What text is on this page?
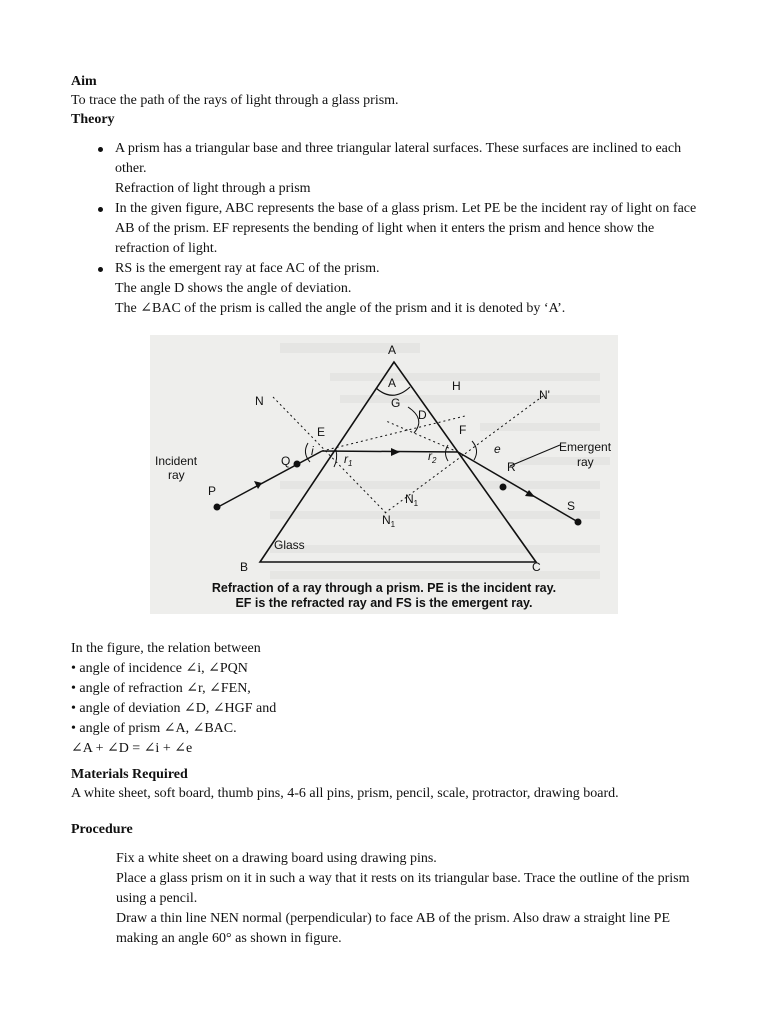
Aim

To trace the path of the rays of light through a glass prism.

Theory
A prism has a triangular base and three triangular lateral surfaces. These surfaces are inclined to each other.
Refraction of light through a prism
In the given figure, ABC represents the base of a glass prism. Let PE be the incident ray of light on face AB of the prism. EF represents the bending of light when it enters the prism and hence show the refraction of light.
RS is the emergent ray at face AC of the prism.
The angle D shows the angle of deviation.
The ∠BAC of the prism is called the angle of the prism and it is denoted by ‘A’.
A
A	H
N	N'
G
D
E	F
Q
i
$r_1$
$r_2$
e
P
R
S
$N_1$
$N_1$
B	C
Glass
Incident
ray
Emergent
ray
Refraction of a ray through a prism. PE is the incident ray.
EF is the refracted ray and FS is the emergent ray.

In the figure, the relation between

• angle of incidence ∠i, ∠PQN

• angle of refraction ∠r, ∠FEN,

• angle of deviation ∠D, ∠HGF and

• angle of prism ∠A, ∠BAC.

∠A + ∠D = ∠i + ∠e

Materials Required

A white sheet, soft board, thumb pins, 4-6 all pins, prism, pencil, scale, protractor, drawing board.

Procedure

Fix a white sheet on a drawing board using drawing pins.

Place a glass prism on it in such a way that it rests on its triangular base. Trace the outline of the prism using a pencil.

Draw a thin line NEN normal (perpendicular) to face AB of the prism. Also draw a straight line PE making an angle 60° as shown in figure.
